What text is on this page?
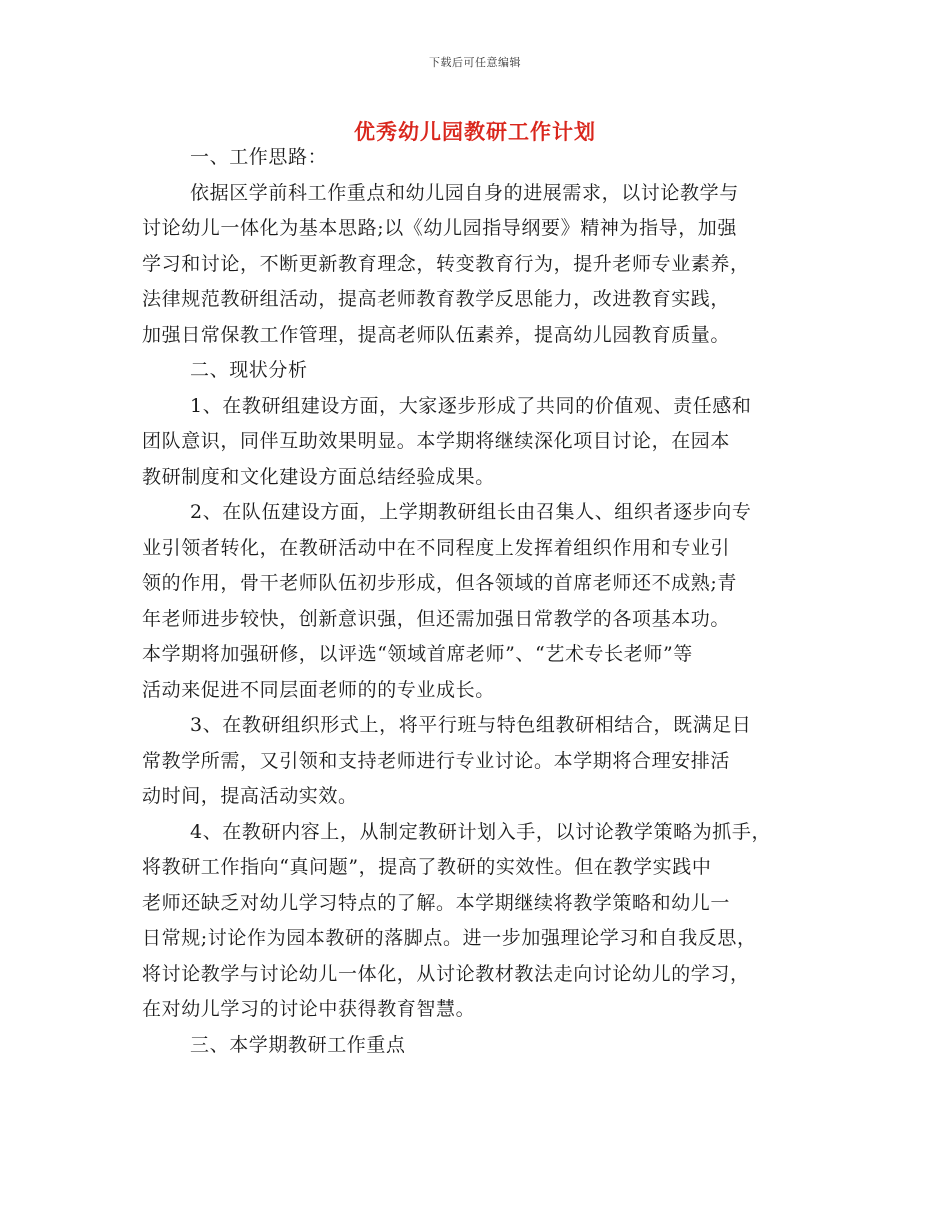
下载后可任意编辑
优秀幼儿园教研工作计划
一、工作思路：
依据区学前科工作重点和幼儿园自身的进展需求，以讨论教学与
讨论幼儿一体化为基本思路;以《幼儿园指导纲要》精神为指导，加强
学习和讨论，不断更新教育理念，转变教育行为，提升老师专业素养，
法律规范教研组活动，提高老师教育教学反思能力，改进教育实践，
加强日常保教工作管理，提高老师队伍素养，提高幼儿园教育质量。
二、现状分析
1、在教研组建设方面，大家逐步形成了共同的价值观、责任感和
团队意识，同伴互助效果明显。本学期将继续深化项目讨论，在园本
教研制度和文化建设方面总结经验成果。
2、在队伍建设方面，上学期教研组长由召集人、组织者逐步向专
业引领者转化，在教研活动中在不同程度上发挥着组织作用和专业引
领的作用，骨干老师队伍初步形成，但各领域的首席老师还不成熟;青
年老师进步较快，创新意识强，但还需加强日常教学的各项基本功。
本学期将加强研修，以评选“领域首席老师”、“艺术专长老师”等
活动来促进不同层面老师的的专业成长。
3、在教研组织形式上，将平行班与特色组教研相结合，既满足日
常教学所需，又引领和支持老师进行专业讨论。本学期将合理安排活
动时间，提高活动实效。
4、在教研内容上，从制定教研计划入手，以讨论教学策略为抓手，
将教研工作指向“真问题”，提高了教研的实效性。但在教学实践中
老师还缺乏对幼儿学习特点的了解。本学期继续将教学策略和幼儿一
日常规;讨论作为园本教研的落脚点。进一步加强理论学习和自我反思，
将讨论教学与讨论幼儿一体化，从讨论教材教法走向讨论幼儿的学习，
在对幼儿学习的讨论中获得教育智慧。
三、本学期教研工作重点
